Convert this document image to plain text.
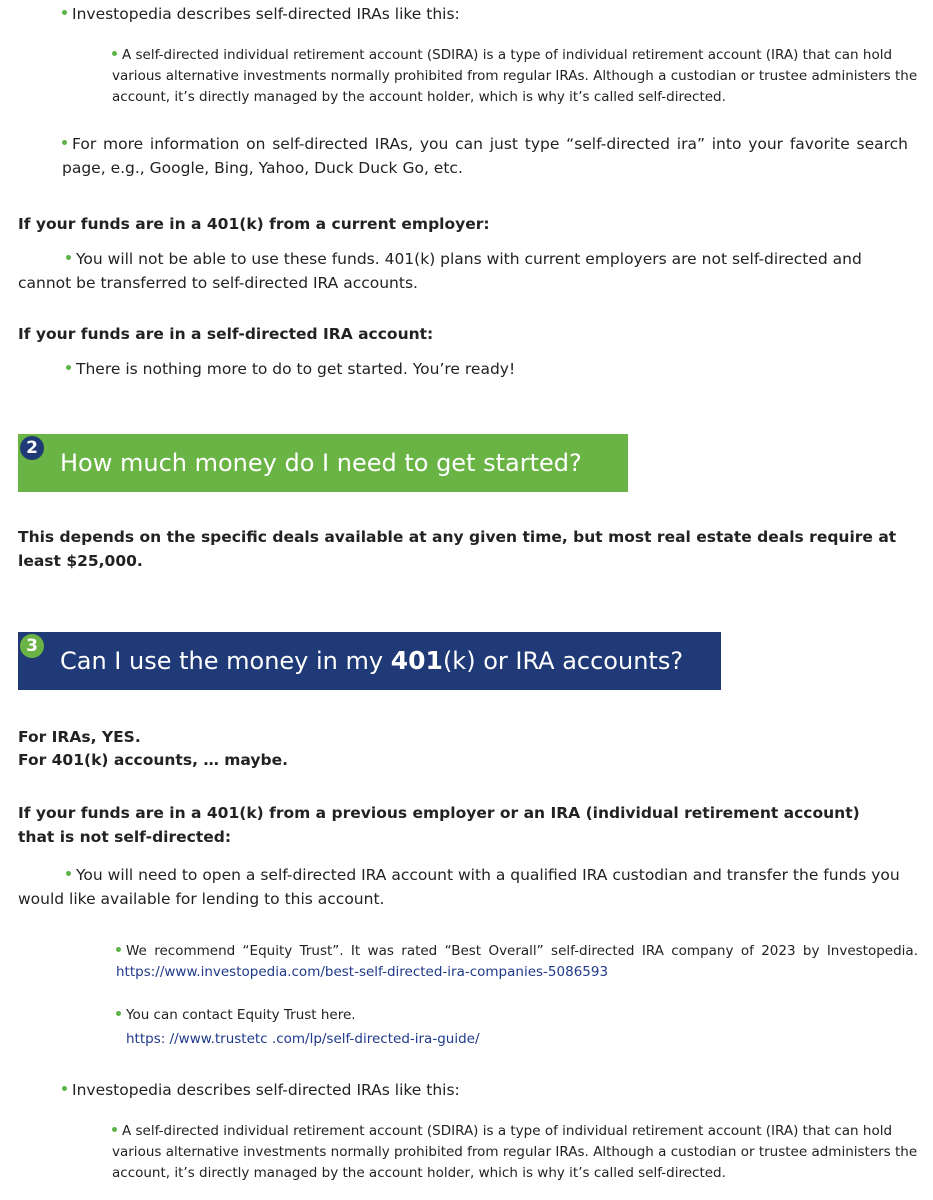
Investopedia describes self-directed IRAs like this:
A self-directed individual retirement account (SDIRA) is a type of individual retirement account (IRA) that can hold various alternative investments normally prohibited from regular IRAs. Although a custodian or trustee administers the account, it’s directly managed by the account holder, which is why it’s called self-directed.
For more information on self-directed IRAs, you can just type “self-directed ira” into your favorite search page, e.g., Google, Bing, Yahoo, Duck Duck Go, etc.
If your funds are in a 401(k) from a current employer:
You will not be able to use these funds. 401(k) plans with current employers are not self-directed and cannot be transferred to self-directed IRA accounts.
If your funds are in a self-directed IRA account:
There is nothing more to do to get started. You’re ready!
How much money do I need to get started?
2
This depends on the specific deals available at any given time, but most real estate deals require at least $25,000.
Can I use the money in my 401(k) or IRA accounts?
3
For IRAs, YES.
For 401(k) accounts, … maybe.
If your funds are in a 401(k) from a previous employer or an IRA (individual retirement account) that is not self-directed:
You will need to open a self-directed IRA account with a qualified IRA custodian and transfer the funds you would like available for lending to this account.
We recommend “Equity Trust”. It was rated “Best Overall” self-directed IRA company of 2023 by Investopedia. https://www.investopedia.com/best-self-directed-ira-companies-5086593
You can contact Equity Trust here.
https: //www.trustetc .com/lp/self-directed-ira-guide/
Investopedia describes self-directed IRAs like this:
A self-directed individual retirement account (SDIRA) is a type of individual retirement account (IRA) that can hold various alternative investments normally prohibited from regular IRAs. Although a custodian or trustee administers the account, it’s directly managed by the account holder, which is why it’s called self-directed.
